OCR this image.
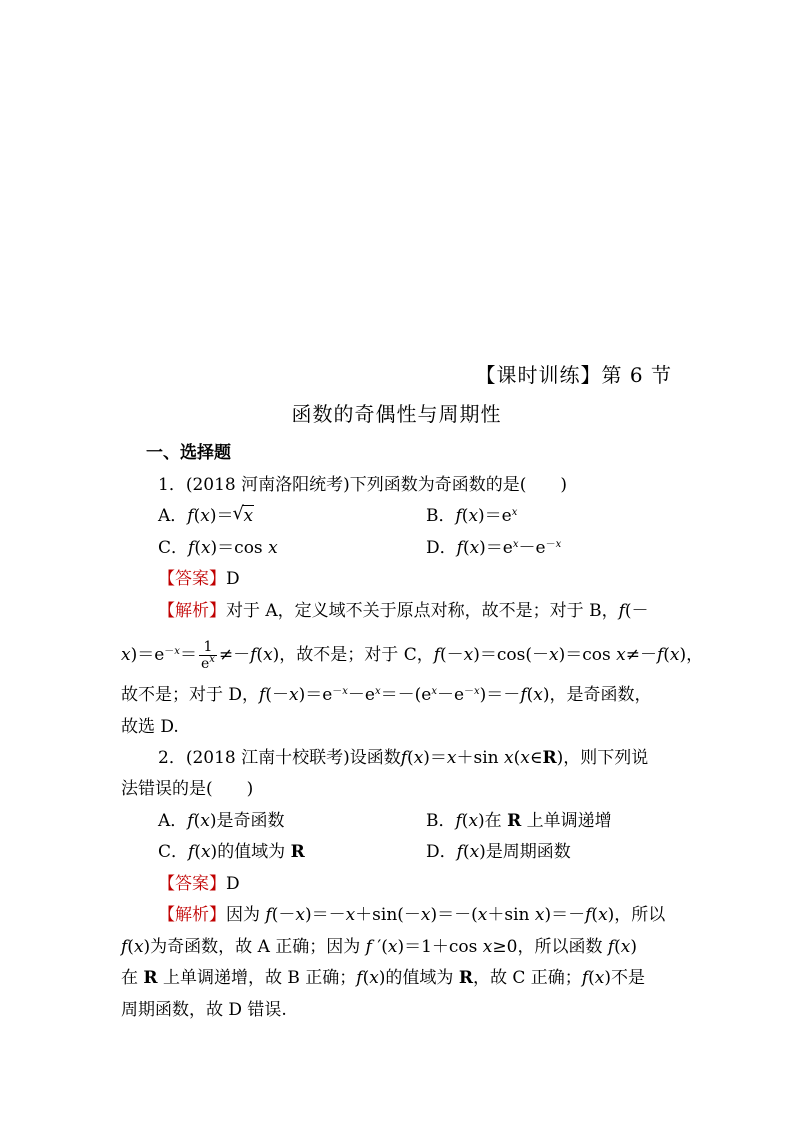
【课时训练】第 6 节
函数的奇偶性与周期性
一、选择题
1．(2018 河南洛阳统考)下列函数为奇函数的是(　　)
A．f(x)＝√ x	B．$f(x)=e^x$
C．f(x)＝cos x	D．$f(x)=e^x-e^{-x}$
【答案】D
【解析】对于 A，定义域不关于原点对称，故不是；对于 B，f(－
$x)=e^{-x}= \frac{1}{e^x} \ne-f(x)$，故不是；对于 C，f(－x)＝cos(－x)＝cos x≠－f(x)，
故不是；对于 D，$f(-x)=e^{-x}-e^x=-(e^x-e^{-x})=-f(x)$，是奇函数，
故选 D.
2．(2018 江南十校联考)设函数f(x)＝x＋sin x(x∈R)，则下列说
法错误的是(　　)
A．f(x)是奇函数	B．f(x)在 R 上单调递增
C．f(x)的值域为 R	D．f(x)是周期函数
【答案】D
【解析】因为 f(－x)＝－x＋sin(－x)＝－(x＋sin x)＝－f(x)，所以
f(x)为奇函数，故 A 正确；因为 f ′(x)＝1＋cos x≥0，所以函数 f(x)
在 R 上单调递增，故 B 正确；f(x)的值域为 R，故 C 正确；f(x)不是
周期函数，故 D 错误.
